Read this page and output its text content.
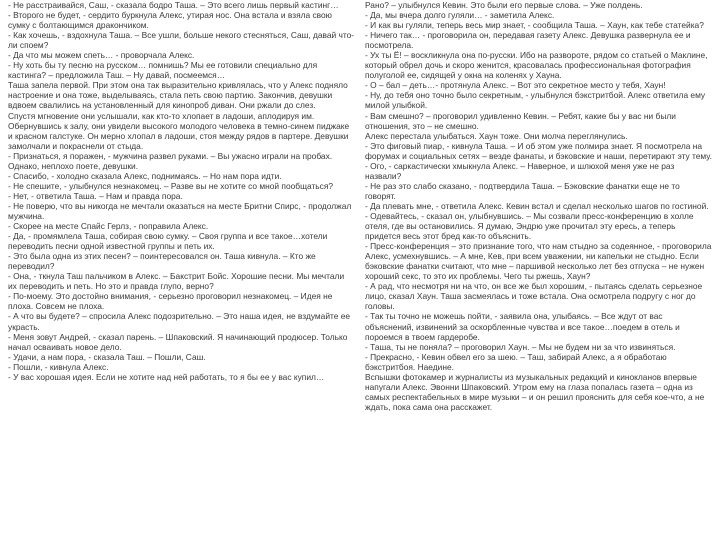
- Не расстраивайся, Саш, - сказала бодро Таша. – Это всего лишь первый кастинг…

- Второго не будет, - сердито буркнула Алекс, утирая нос. Она встала и взяла свою сумку с болтающимся дракончиком.

- Как хочешь, - вздохнула Таша. – Все ушли, больше некого стесняться, Саш, давай что-ли споем?

- Да что мы можем спеть… - проворчала Алекс.

- Ну хоть бы ту песню на русском… помнишь? Мы ее готовили специально для кастинга? – предложила Таш. – Ну давай, посмеемся…

Таша запела первой. При этом она так выразительно кривлялась, что у Алекс подняло настроение и она тоже, выделываясь, стала петь свою партию. Закончив, девушки вдвоем свалились на установленный для кинопроб диван. Они ржали до слез.

Спустя мгновение они услышали, как кто-то хлопает в ладоши, аплодируя им. Обернувшись к залу, они увидели высокого молодого человека в темно-синем пиджаке и красном галстуке. Он мерно хлопал в ладоши, стоя между рядов в партере. Девушки замолчали и покраснели от стыда.

- Признаться, я поражен, - мужчина развел руками. – Вы ужасно играли на пробах. Однако, неплохо поете, девушки.

- Спасибо, - холодно сказала Алекс, поднимаясь. – Но нам пора идти.

- Не спешите, - улыбнулся незнакомец. – Разве вы не хотите со мной пообщаться?

- Нет, - ответила Таша. – Нам и правда пора.

- Не поверю, что вы никогда не мечтали оказаться на месте Бритни Спирс, - продолжал мужчина.

- Скорее на месте Спайс Герлз, - поправила Алекс.

- Да, - промямлела Таша, собирая свою сумку. – Своя группа и все такое…хотели переводить песни одной известной группы и петь их.

- Это была одна из этих песен? – поинтересовался он. Таша кивнула. – Кто же переводил?

- Она, - ткнула Таш пальчиком в Алекс. – Бакстрит Бойс. Хорошие песни. Мы мечтали их переводить и петь. Но это и правда глупо, верно?

- По-моему. Это достойно внимания, - серьезно проговорил незнакомец. – Идея не плоха. Совсем не плоха.

- А что вы будете? – спросила Алекс подозрительно. – Это наша идея, не вздумайте ее украсть.

- Меня зовут Андрей, - сказал парень. – Шпаковский. Я начинающий продюсер. Только начал осваивать новое дело.

- Удачи, а нам пора, - сказала Таш. – Пошли, Саш.

- Пошли, - кивнула Алекс.

- У вас хорошая идея. Если не хотите над ней работать, то я бы ее у вас купил…

Рано? – улыбнулся Кевин. Это были его первые слова. – Уже полдень.

- Да, мы вчера долго гуляли… - заметила Алекс.

- И как вы гуляли, теперь весь мир знает, - сообщила Таша. – Хаун, как тебе статейка?

- Ничего так… - проговорила он, передавая газету Алекс. Девушка развернула ее и посмотрела.

- Ух ты Ё! – воскликнула она по-русски. Ибо на развороте, рядом со статьей о Маклине, который обрел дочь и скоро женится, красовалась профессиональная фотография полуголой ее, сидящей у окна на коленях у Хауна.

- О – бал – деть…- протянула Алекс. – Вот это секретное место у тебя, Хаун!

- Ну, до тебя оно точно было секретным, - улыбнулся бэкстритбой. Алекс ответила ему милой улыбкой.

- Вам смешно? – проговорил удивленно Кевин. – Ребят, какие бы у вас ни были отношения, это – не смешно.

Алекс перестала улыбаться. Хаун тоже. Они молча переглянулись.

- Это фиговый пиар, - кивнула Таша. – И об этом уже полмира знает. Я посмотрела на форумах и социальных сетях – везде фанаты, и бэковские и наши, перетирают эту тему.

- Ого, - саркастически хмыкнула Алекс. – Наверное, и шлюхой меня уже не раз назвали?

- Не раз это слабо сказано, - подтвердила Таша. – Бэковские фанатки еще не то говорят.

- Да плевать мне, - ответила Алекс. Кевин встал и сделал несколько шагов по гостиной.

- Одевайтесь, - сказал он, улыбнувшись. – Мы созвали пресс-конференцию в холле отеля, где вы остановились. Я думаю, Эндрю уже прочитал эту ересь, а теперь придется весь этот бред как-то объяснить.

- Пресс-конференция – это признание того, что нам стыдно за содеянное, - проговорила Алекс, усмехнувшись. – А мне, Кев, при всем уважении, ни капельки не стыдно. Если бэковские фанатки считают, что мне – паршивой несколько лет без отпуска – не нужен хороший секс, то это их проблемы. Чего ты ржешь, Хаун?

- А рад, что несмотря ни на что, он все же был хорошим, - пытаясь сделать серьезное лицо, сказал Хаун. Таша засмеялась и тоже встала. Она осмотрела подругу с ног до головы.

- Так ты точно не можешь пойти, - заявила она, улыбаясь. – Все ждут от вас объяснений, извинений за оскорбленные чувства и все такое…поедем в отель и пороемся в твоем гардеробе.

- Таша, ты не поняла? – проговорил Хаун. – Мы не будем ни за что извиняться.

- Прекрасно, - Кевин обвел его за шею. – Таш, забирай Алекс, а я обработаю бэкстритбоя. Наедине.

Вспышки фотокамер и журналисты из музыкальных редакций и кинокланов впервые напугали Алекс. Эвонни Шпаковский. Утром ему на глаза попалась газета – одна из самых респектабельных в мире музыки – и он решил прояснить для себя кое-что, а не ждать, пока сама она расскажет.
